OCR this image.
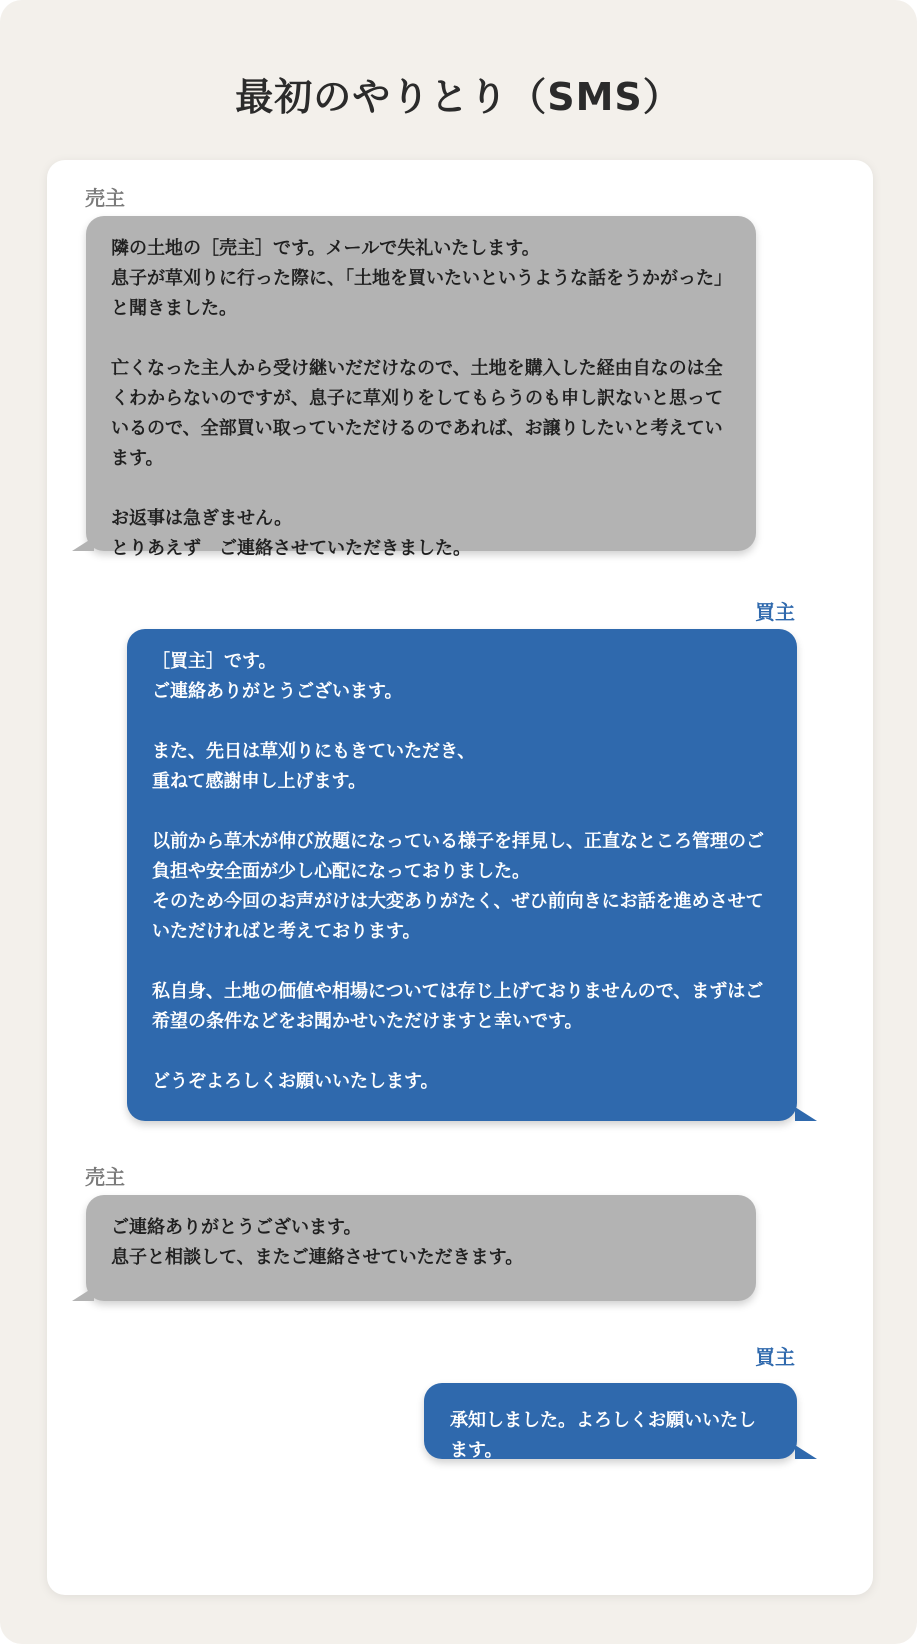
最初のやりとり（SMS）
売主
隣の土地の［売主］です。メールで失礼いたします。
息子が草刈りに行った際に、「土地を買いたいというような話をうかがった」と聞きました。

亡くなった主人から受け継いだだけなので、土地を購入した経由自なのは全くわからないのですが、息子に草刈りをしてもらうのも申し訳ないと思っているので、全部買い取っていただけるのであれば、お譲りしたいと考えています。

お返事は急ぎません。
とりあえず　ご連絡させていただきました。
買主
［買主］です。
ご連絡ありがとうございます。

また、先日は草刈りにもきていただき、
重ねて感謝申し上げます。

以前から草木が伸び放題になっている様子を拝見し、正直なところ管理のご負担や安全面が少し心配になっておりました。
そのため今回のお声がけは大変ありがたく、ぜひ前向きにお話を進めさせていただければと考えております。

私自身、土地の価値や相場については存じ上げておりませんので、まずはご希望の条件などをお聞かせいただけますと幸いです。

どうぞよろしくお願いいたします。
売主
ご連絡ありがとうございます。
息子と相談して、またご連絡させていただきます。
買主
承知しました。よろしくお願いいたします。
